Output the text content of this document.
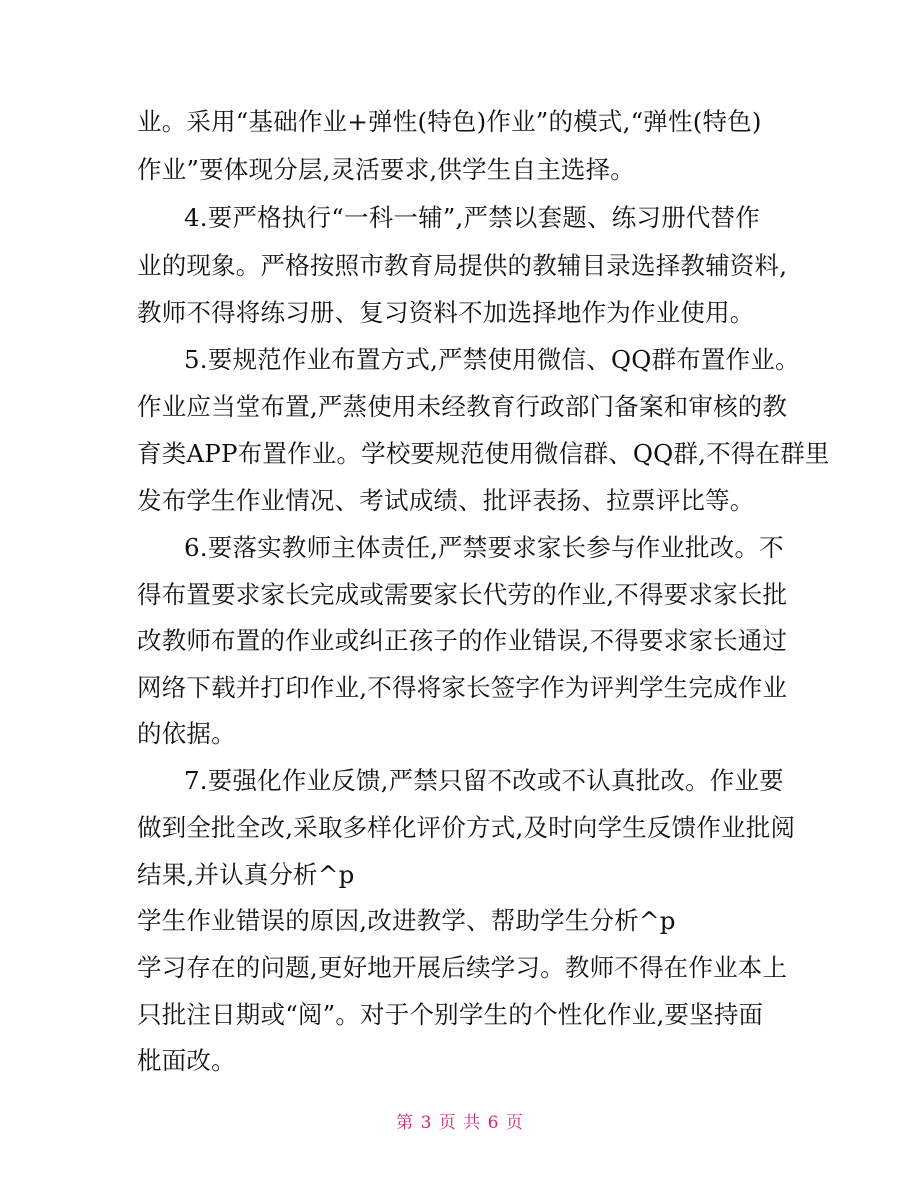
业。采用“基础作业+弹性(特色)作业”的模式,“弹性(特色)
作业”要体现分层,灵活要求,供学生自主选择。
4.要严格执行“一科一辅”,严禁以套题、练习册代替作
业的现象。严格按照市教育局提供的教辅目录选择教辅资料,
教师不得将练习册、复习资料不加选择地作为作业使用。
5.要规范作业布置方式,严禁使用微信、QQ群布置作业。
作业应当堂布置,严蒸使用未经教育行政部门备案和审核的教
育类APP布置作业。学校要规范使用微信群、QQ群,不得在群里
发布学生作业情况、考试成绩、批评表扬、拉票评比等。
6.要落实教师主体责任,严禁要求家长参与作业批改。不
得布置要求家长完成或需要家长代劳的作业,不得要求家长批
改教师布置的作业或纠正孩子的作业错误,不得要求家长通过
网络下载并打印作业,不得将家长签字作为评判学生完成作业
的依据。
7.要强化作业反馈,严禁只留不改或不认真批改。作业要
做到全批全改,采取多样化评价方式,及时向学生反馈作业批阅
结果,并认真分析^p
学生作业错误的原因,改进教学、帮助学生分析^p
学习存在的问题,更好地开展后续学习。教师不得在作业本上
只批注日期或“阅”。对于个别学生的个性化作业,要坚持面
枇面改。
第 3 页 共 6 页
